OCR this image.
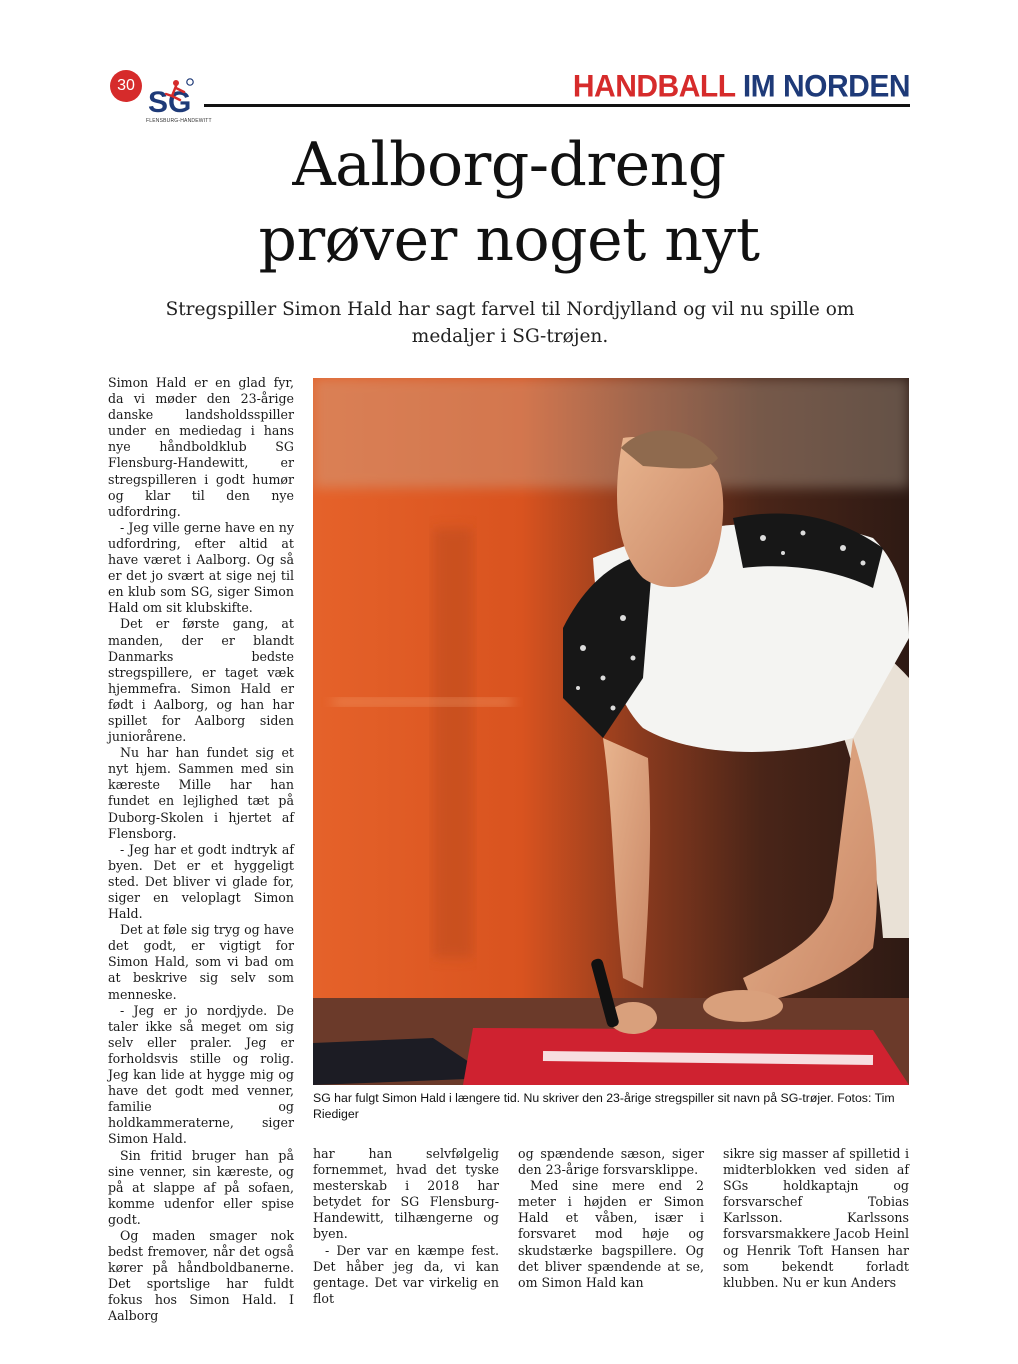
30
SG
FLENSBURG-HANDEWITT
HANDBALL IM NORDEN
Aalborg-dreng
prøver noget nyt
Stregspiller Simon Hald har sagt farvel til Nordjylland og vil nu spille om medaljer i SG-trøjen.

Simon Hald er en glad fyr, da vi møder den 23-årige danske landsholdsspiller under en mediedag i hans nye håndboldklub SG Flensburg-Handewitt, er stregspilleren i godt humør og klar til den nye udfordring.

- Jeg ville gerne have en ny udfordring, efter altid at have været i Aalborg. Og så er det jo svært at sige nej til en klub som SG, siger Simon Hald om sit klubskifte.

Det er første gang, at manden, der er blandt Danmarks bedste stregspillere, er taget væk hjemmefra. Simon Hald er født i Aalborg, og han har spillet for Aalborg siden juniorårene.

Nu har han fundet sig et nyt hjem. Sammen med sin kæreste Mille har han fundet en lejlighed tæt på Duborg-Skolen i hjertet af Flensborg.

- Jeg har et godt indtryk af byen. Det er et hyggeligt sted. Det bliver vi glade for, siger en veloplagt Simon Hald.

Det at føle sig tryg og have det godt, er vigtigt for Simon Hald, som vi bad om at beskrive sig selv som menneske.

- Jeg er jo nordjyde. De taler ikke så meget om sig selv eller praler. Jeg er forholdsvis stille og rolig. Jeg kan lide at hygge mig og have det godt med venner, familie og holdkammeraterne, siger Simon Hald.

Sin fritid bruger han på sine venner, sin kæreste, og på at slappe af på sofaen, komme udenfor eller spise godt.

Og maden smager nok bedst fremover, når det også kører på håndboldbanerne. Det sportslige har fuldt fokus hos Simon Hald. I Aalborg

SG har fulgt Simon Hald i længere tid. Nu skriver den 23-årige stregspiller sit navn på SG-trøjer. Fotos: Tim Riediger

har han selvfølgelig fornemmet, hvad det tyske mesterskab i 2018 har betydet for SG Flensburg-Handewitt, tilhængerne og byen.

- Der var en kæmpe fest. Det håber jeg da, vi kan gentage. Det var virkelig en flot

og spændende sæson, siger den 23-årige forsvarsklippe.

Med sine mere end 2 meter i højden er Simon Hald et våben, især i forsvaret mod høje og skudstærke bagspillere. Og det bliver spændende at se, om Simon Hald kan

sikre sig masser af spilletid i midterblokken ved siden af SGs holdkaptajn og forsvarschef Tobias Karlsson. Karlssons forsvarsmakkere Jacob Heinl og Henrik Toft Hansen har som bekendt forladt klubben. Nu er kun Anders
